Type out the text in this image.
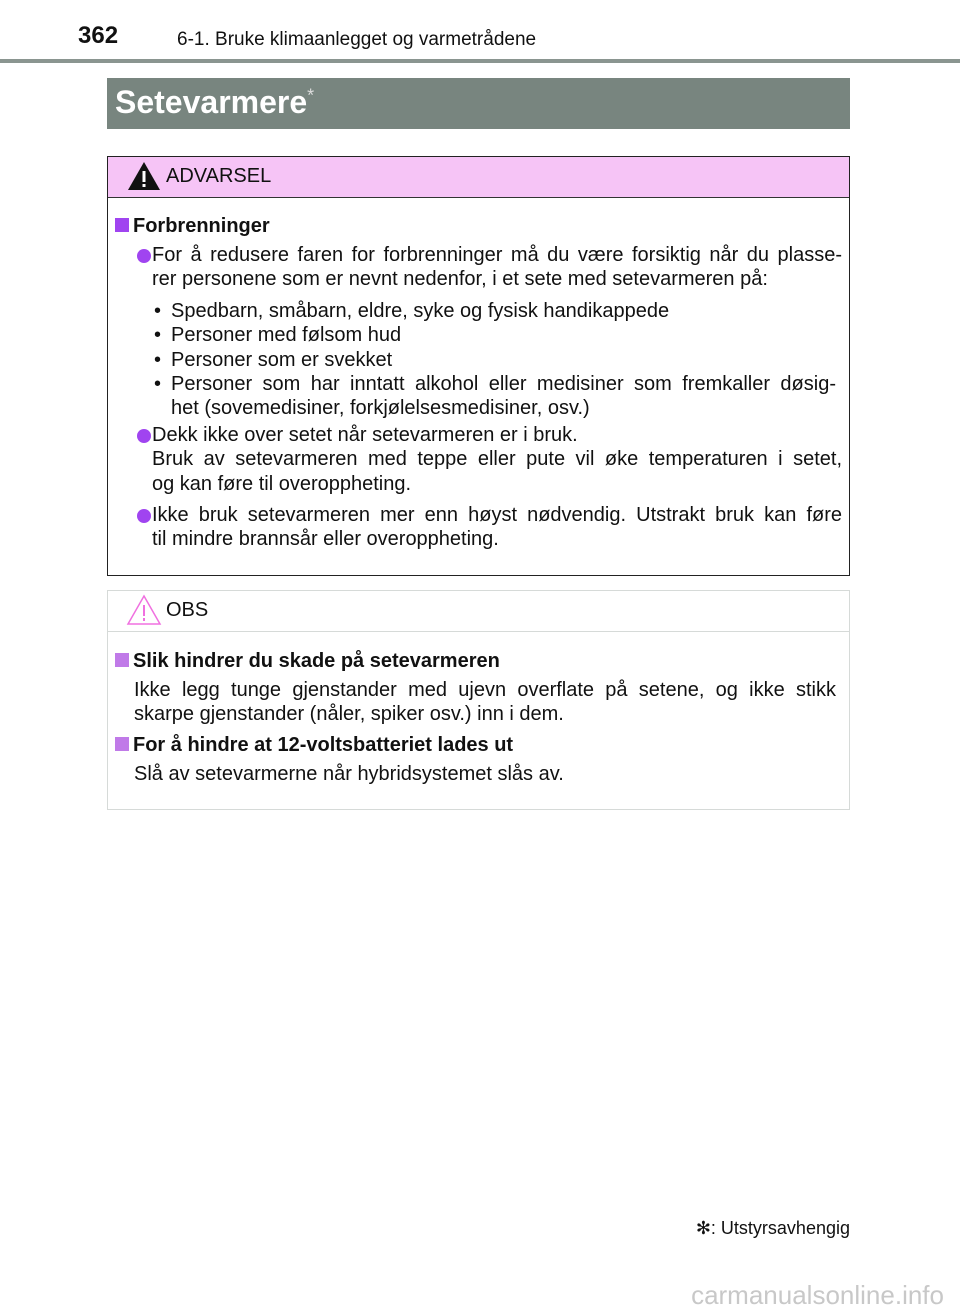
362	6-1. Bruke klimaanlegget og varmetrådene
Setevarmere*
ADVARSEL
Forbrenninger
For å redusere faren for forbrenninger må du være forsiktig når du plasse-
rer personene som er nevnt nedenfor, i et sete med setevarmeren på:
• Spedbarn, småbarn, eldre, syke og fysisk handikappede
• Personer med følsom hud
• Personer som er svekket
• Personer som har inntatt alkohol eller medisiner som fremkaller døsig-
het (sovemedisiner, forkjølelsesmedisiner, osv.)
Dekk ikke over setet når setevarmeren er i bruk.
Bruk av setevarmeren med teppe eller pute vil øke temperaturen i setet,
og kan føre til overoppheting.
Ikke bruk setevarmeren mer enn høyst nødvendig. Utstrakt bruk kan føre
til mindre brannsår eller overoppheting.
OBS
Slik hindrer du skade på setevarmeren
Ikke legg tunge gjenstander med ujevn overflate på setene, og ikke stikk
skarpe gjenstander (nåler, spiker osv.) inn i dem.
For å hindre at 12-voltsbatteriet lades ut
Slå av setevarmerne når hybridsystemet slås av.
✻: Utstyrsavhengig
carmanualsonline.info
